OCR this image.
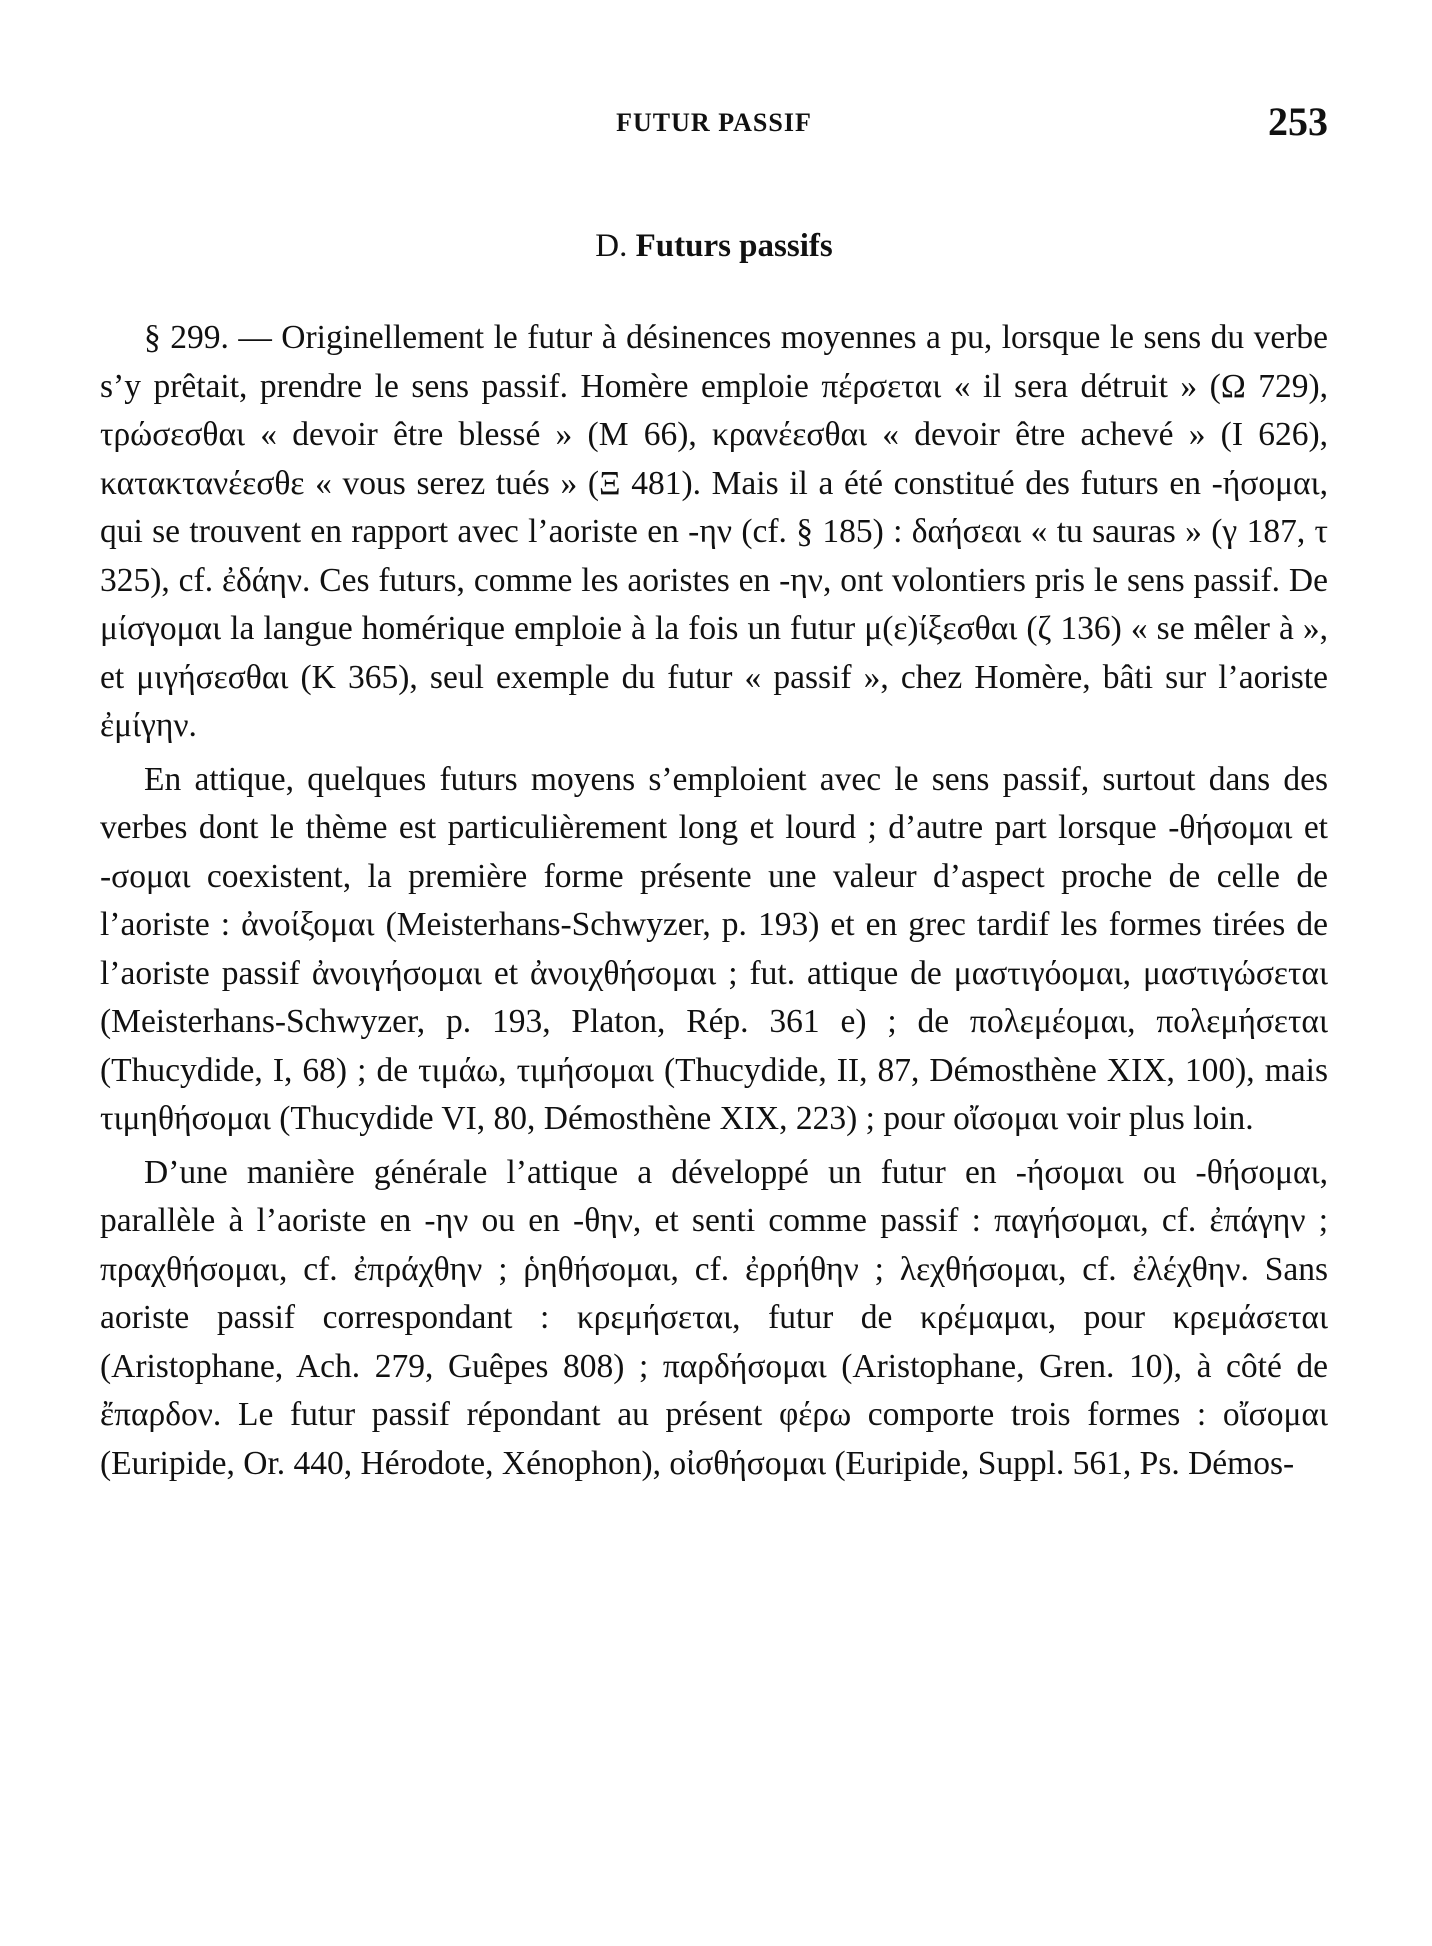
FUTUR PASSIF	253
D. Futurs passifs

§ 299. — Originellement le futur à désinences moyennes a pu, lorsque le sens du verbe s’y prêtait, prendre le sens passif. Homère emploie πέρσεται « il sera détruit » (Ω 729), τρώσεσθαι « devoir être blessé » (M 66), κρανέεσθαι « devoir être achevé » (I 626), κατακτανέεσθε « vous serez tués » (Ξ 481). Mais il a été constitué des futurs en -ήσομαι, qui se trouvent en rapport avec l’aoriste en -ην (cf. § 185) : δαήσεαι « tu sauras » (γ 187, τ 325), cf. ἐδάην. Ces futurs, comme les aoristes en -ην, ont volontiers pris le sens passif. De μίσγομαι la langue homérique emploie à la fois un futur μ(ε)ίξεσθαι (ζ 136) « se mêler à », et μιγήσεσθαι (K 365), seul exemple du futur « passif », chez Homère, bâti sur l’aoriste ἐμίγην.

En attique, quelques futurs moyens s’emploient avec le sens passif, surtout dans des verbes dont le thème est particulièrement long et lourd ; d’autre part lorsque -θήσομαι et -σομαι coexistent, la première forme présente une valeur d’aspect proche de celle de l’aoriste : ἀνοίξομαι (Meisterhans-Schwyzer, p. 193) et en grec tardif les formes tirées de l’aoriste passif ἀνοιγήσομαι et ἀνοιχθήσομαι ; fut. attique de μαστιγόομαι, μαστιγώσεται (Meisterhans-Schwyzer, p. 193, Platon, Rép. 361 e) ; de πολεμέομαι, πολεμήσεται (Thucydide, I, 68) ; de τιμάω, τιμήσομαι (Thucydide, II, 87, Démosthène XIX, 100), mais τιμηθήσομαι (Thucydide VI, 80, Démosthène XIX, 223) ; pour οἴσομαι voir plus loin.

D’une manière générale l’attique a développé un futur en -ήσομαι ou -θήσομαι, parallèle à l’aoriste en -ην ou en -θην, et senti comme passif : παγήσομαι, cf. ἐπάγην ; πραχθήσομαι, cf. ἐπράχθην ; ῥηθήσομαι, cf. ἐρρήθην ; λεχθήσομαι, cf. ἐλέχθην. Sans aoriste passif correspondant : κρεμήσεται, futur de κρέμαμαι, pour κρεμάσεται (Aristophane, Ach. 279, Guêpes 808) ; παρδήσομαι (Aristophane, Gren. 10), à côté de ἔπαρδον. Le futur passif répondant au présent φέρω comporte trois formes : οἴσομαι (Euripide, Or. 440, Hérodote, Xénophon), οἰσθήσομαι (Euripide, Suppl. 561, Ps. Démos-
